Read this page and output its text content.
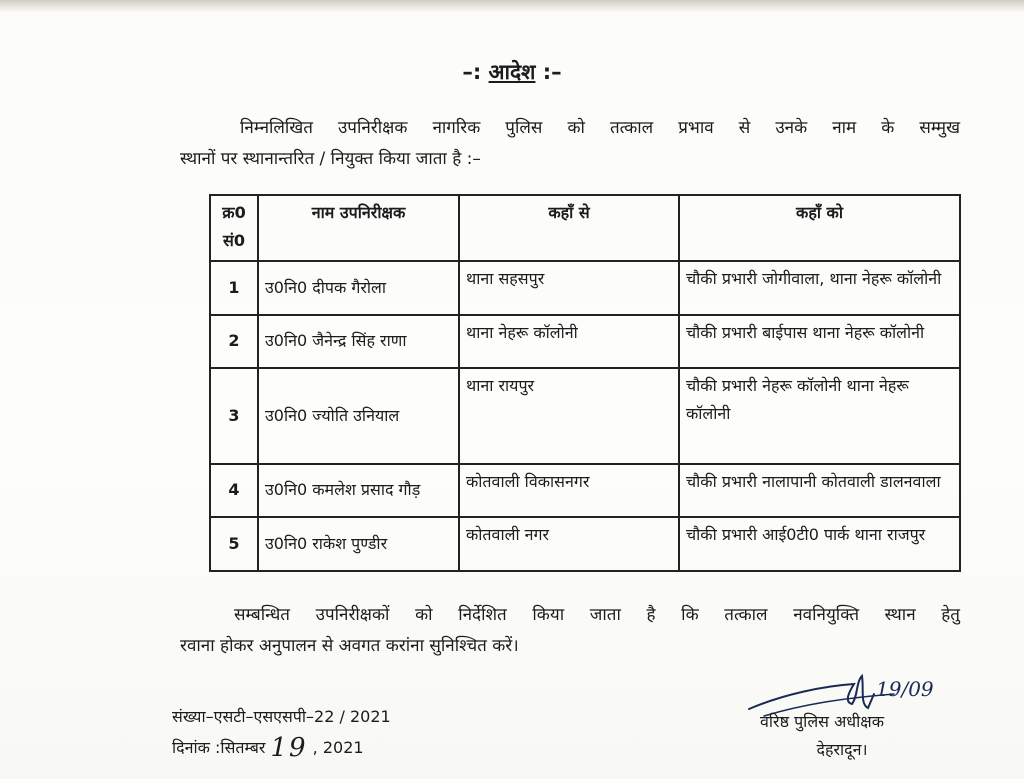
–: आदेश :–
निम्नलिखित उपनिरीक्षक नागरिक पुलिस को तत्काल प्रभाव से उनके नाम के सम्मुख
स्थानों पर स्थानान्तरित / नियुक्त किया जाता है :–
क्र0
सं0	नाम उपनिरीक्षक	कहाँ से	कहाँ को
1	उ0नि0 दीपक गैरोला	थाना सहसपुर	चौकी प्रभारी जोगीवाला, थाना नेहरू कॉलोनी
2	उ0नि0 जैनेन्द्र सिंह राणा	थाना नेहरू कॉलोनी	चौकी प्रभारी बाईपास थाना नेहरू कॉलोनी
3	उ0नि0 ज्योति उनियाल	थाना रायपुर	चौकी प्रभारी नेहरू कॉलोनी थाना नेहरू कॉलोनी
4	उ0नि0 कमलेश प्रसाद गौड़	कोतवाली विकासनगर	चौकी प्रभारी नालापानी कोतवाली डालनवाला
5	उ0नि0 राकेश पुण्डीर	कोतवाली नगर	चौकी प्रभारी आई0टी0 पार्क थाना राजपुर
सम्बन्धित उपनिरीक्षकों को निर्देशित किया जाता है कि तत्काल नवनियुक्ति स्थान हेतु
रवाना होकर अनुपालन से अवगत करांना सुनिश्चित करें।
संख्या–एसटी–एसएसपी–22 / 2021
दिनांक :सितम्बर 19 , 2021
19/09
वरिष्ठ पुलिस अधीक्षक
देहरादून।
